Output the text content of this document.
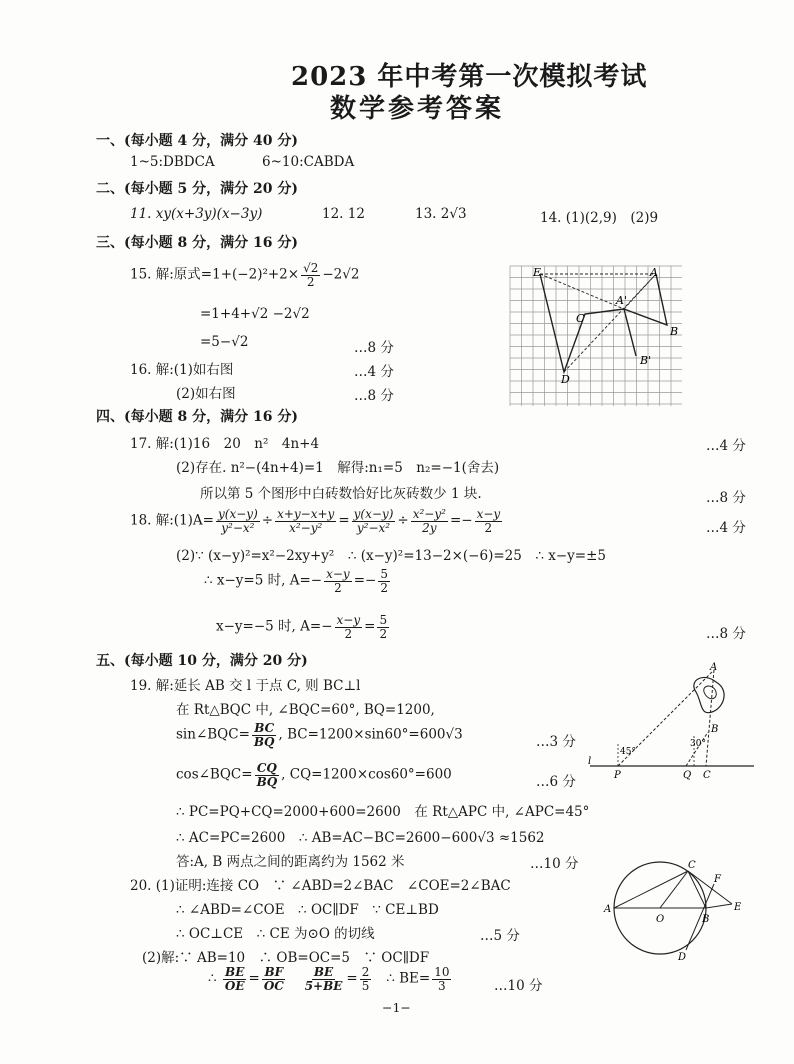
2023 年中考第一次模拟考试
数学参考答案
一、(每小题 4 分，满分 40 分)
1~5:DBDCA	6~10:CABDA
二、(每小题 5 分，满分 20 分)
11. xy(x+3y)(x−3y)	12. 12	13. 2√3	14. (1)(2,9)　(2)9
三、(每小题 8 分，满分 16 分)
15. 解:原式$=1+(-2)^2+2\times \frac{√2}{2} -2√2$
=1+4+√2 −2√2
=5−√2	…8 分
16. 解:(1)如右图	…4 分
(2)如右图	…8 分
E	A
A'
C
B
B'
D
四、(每小题 8 分，满分 16 分)
17. 解:(1)16　20　n²　4n+4	…4 分
(2)存在. n²−(4n+4)=1　解得:n₁=5　n₂=−1(舍去)
所以第 5 个图形中白砖数恰好比灰砖数少 1 块.	…8 分
18. 解:(1)A= $\frac{y(x-y)}{\text{y²−x²}} \div \frac{x+y-x+y}{\text{x²−y²}} = \frac{y(x-y)}{\text{y²−x²}} \div \frac{\text{x²−y²}}{2y} =- \frac{x-y}{2}$	…4 分
(2)∵ (x−y)²=x²−2xy+y²　∴ (x−y)²=13−2×(−6)=25　∴ x−y=±5
∴ x−y=5 时, $A=- \frac{x-y}{2} =- \frac{5}{2}$
x−y=−5 时, $A=- \frac{x-y}{2} = \frac{5}{2}$	…8 分
五、(每小题 10 分，满分 20 分)
19. 解:延长 AB 交 l 于点 C, 则 BC⊥l
在 Rt△BQC 中, ∠BQC=60°, BQ=1200,
sin∠BQC= $\frac{BC}{BQ}$ , BC=1200×sin60°=600√3	…3 分
cos∠BQC= $\frac{CQ}{BQ}$ , CQ=1200×cos60°=600	…6 分
∴ PC=PQ+CQ=2000+600=2600　在 Rt△APC 中, ∠APC=45°
∴ AC=PC=2600　∴ AB=AC−BC=2600−600√3 ≈1562
答:A, B 两点之间的距离约为 1562 米	…10 分
A
B
30°
45°
l
P	Q C
20. (1)证明:连接 CO　∵ ∠ABD=2∠BAC　∠COE=2∠BAC
∴ ∠ABD=∠COE　∴ OC∥DF　∵ CE⊥BD
∴ OC⊥CE　∴ CE 为⊙O 的切线	…5 分
(2)解:∵ AB=10　∴ OB=OC=5　∵ OC∥DF
∴ $\frac{BE}{OE} = \frac{BF}{OC}$
$\frac{BE}{5+BE} = \frac{2}{5}$ ∴ $BE= \frac{10}{3}$	…10 分
A
O	B
C
F
E
D
−1−
